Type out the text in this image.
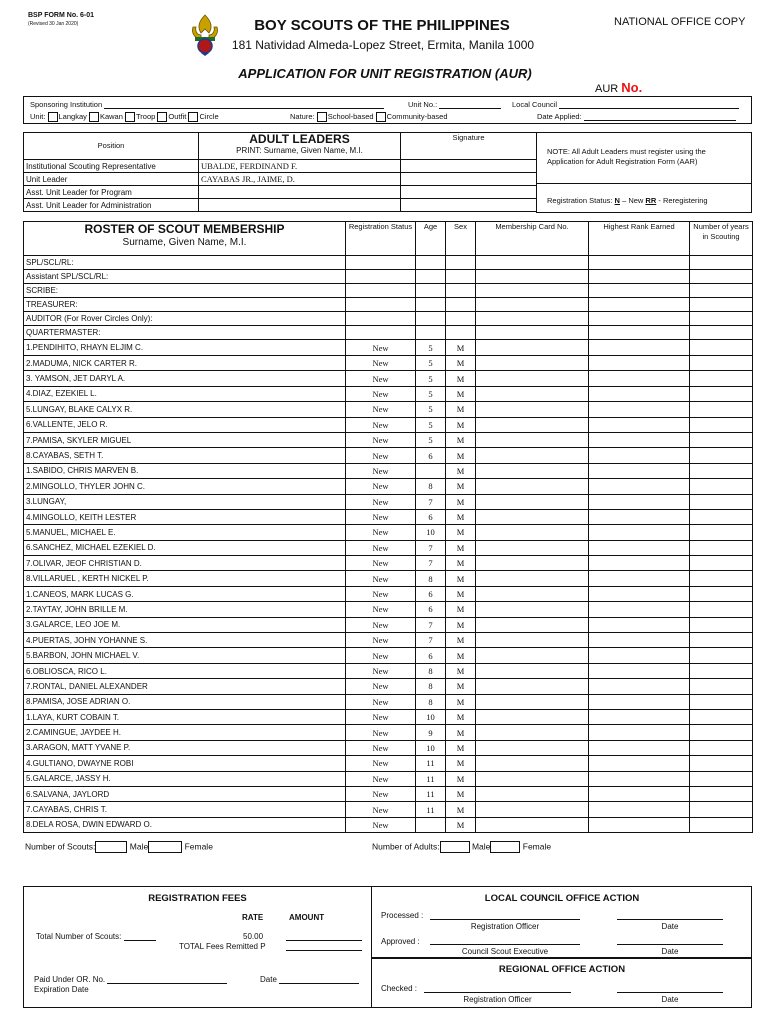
BSP FORM No. 6-01
(Revised 30 Jan 2020)	BOY SCOUTS OF THE PHILIPPINES
181 Natividad Almeda-Lopez Street, Ermita, Manila 1000
NATIONAL OFFICE COPY
APPLICATION FOR UNIT REGISTRATION (AUR)
AUR No.
Sponsoring Institution	Unit No.:	Local Council
Unit: Langkay Kawan Troop Outfit Circle	Nature: School-based Community-based	Date Applied:
Position	ADULT LEADERS
PRINT: Surname, Given Name, M.I.	Signature
Institutional Scouting Representative	UBALDE, FERDINAND F.	
Unit Leader	CAYABAS JR., JAIME, D.	
Asst. Unit Leader for Program		
Asst. Unit Leader for Administration		
NOTE: All Adult Leaders must register using the Application for Adult Registration Form (AAR)
Registration Status: N – New RR - Reregistering
ROSTER OF SCOUT MEMBERSHIP
Surname, Given Name, M.I.	Registration Status	Age	Sex	Membership Card No.	Highest Rank Earned	Number of years in Scouting
SPL/SCL/RL:						
Assistant SPL/SCL/RL:						
SCRIBE:						
TREASURER:						
AUDITOR (For Rover Circles Only):						
QUARTERMASTER:						
1.PENDIHITO, RHAYN ELJIM C.	New	5	M			
2.MADUMA, NICK CARTER R.	New	5	M			
3. YAMSON, JET DARYL A.	New	5	M			
4.DIAZ, EZEKIEL L.	New	5	M			
5.LUNGAY, BLAKE CALYX R.	New	5	M			
6.VALLENTE, JELO R.	New	5	M			
7.PAMISA, SKYLER MIGUEL	New	5	M			
8.CAYABAS, SETH T.	New	6	M			
1.SABIDO, CHRIS MARVEN B.	New		M			
2.MINGOLLO, THYLER JOHN C.	New	8	M			
3.LUNGAY,	New	7	M			
4.MINGOLLO, KEITH LESTER	New	6	M			
5.MANUEL, MICHAEL E.	New	10	M			
6.SANCHEZ, MICHAEL EZEKIEL D.	New	7	M			
7.OLIVAR, JEOF CHRISTIAN D.	New	7	M			
8.VILLARUEL , KERTH NICKEL P.	New	8	M			
1.CANEOS, MARK LUCAS G.	New	6	M			
2.TAYTAY, JOHN BRILLE M.	New	6	M			
3.GALARCE, LEO JOE M.	New	7	M			
4.PUERTAS, JOHN YOHANNE S.	New	7	M			
5.BARBON, JOHN MICHAEL V.	New	6	M			
6.OBLIOSCA, RICO L.	New	8	M			
7.RONTAL, DANIEL ALEXANDER	New	8	M			
8.PAMISA, JOSE ADRIAN O.	New	8	M			
1.LAYA, KURT COBAIN T.	New	10	M			
2.CAMINGUE, JAYDEE H.	New	9	M			
3.ARAGON, MATT YVANE P.	New	10	M			
4.GULTIANO, DWAYNE ROBI	New	11	M			
5.GALARCE, JASSY H.	New	11	M			
6.SALVANA, JAYLORD	New	11	M			
7.CAYABAS, CHRIS T.	New	11	M			
8.DELA ROSA, DWIN EDWARD O.	New		M			
Number of Scouts:	Male	Female	Number of Adults:	Male	Female
REGISTRATION FEES
RATE	AMOUNT
Total Number of Scouts:	50.00
TOTAL Fees Remitted P
Paid Under OR. No.	Date
Expiration Date
LOCAL COUNCIL OFFICE ACTION
Processed :
Registration Officer	Date
Approved :
Council Scout Executive	Date
REGIONAL OFFICE ACTION
Checked :
Registration Officer	Date
